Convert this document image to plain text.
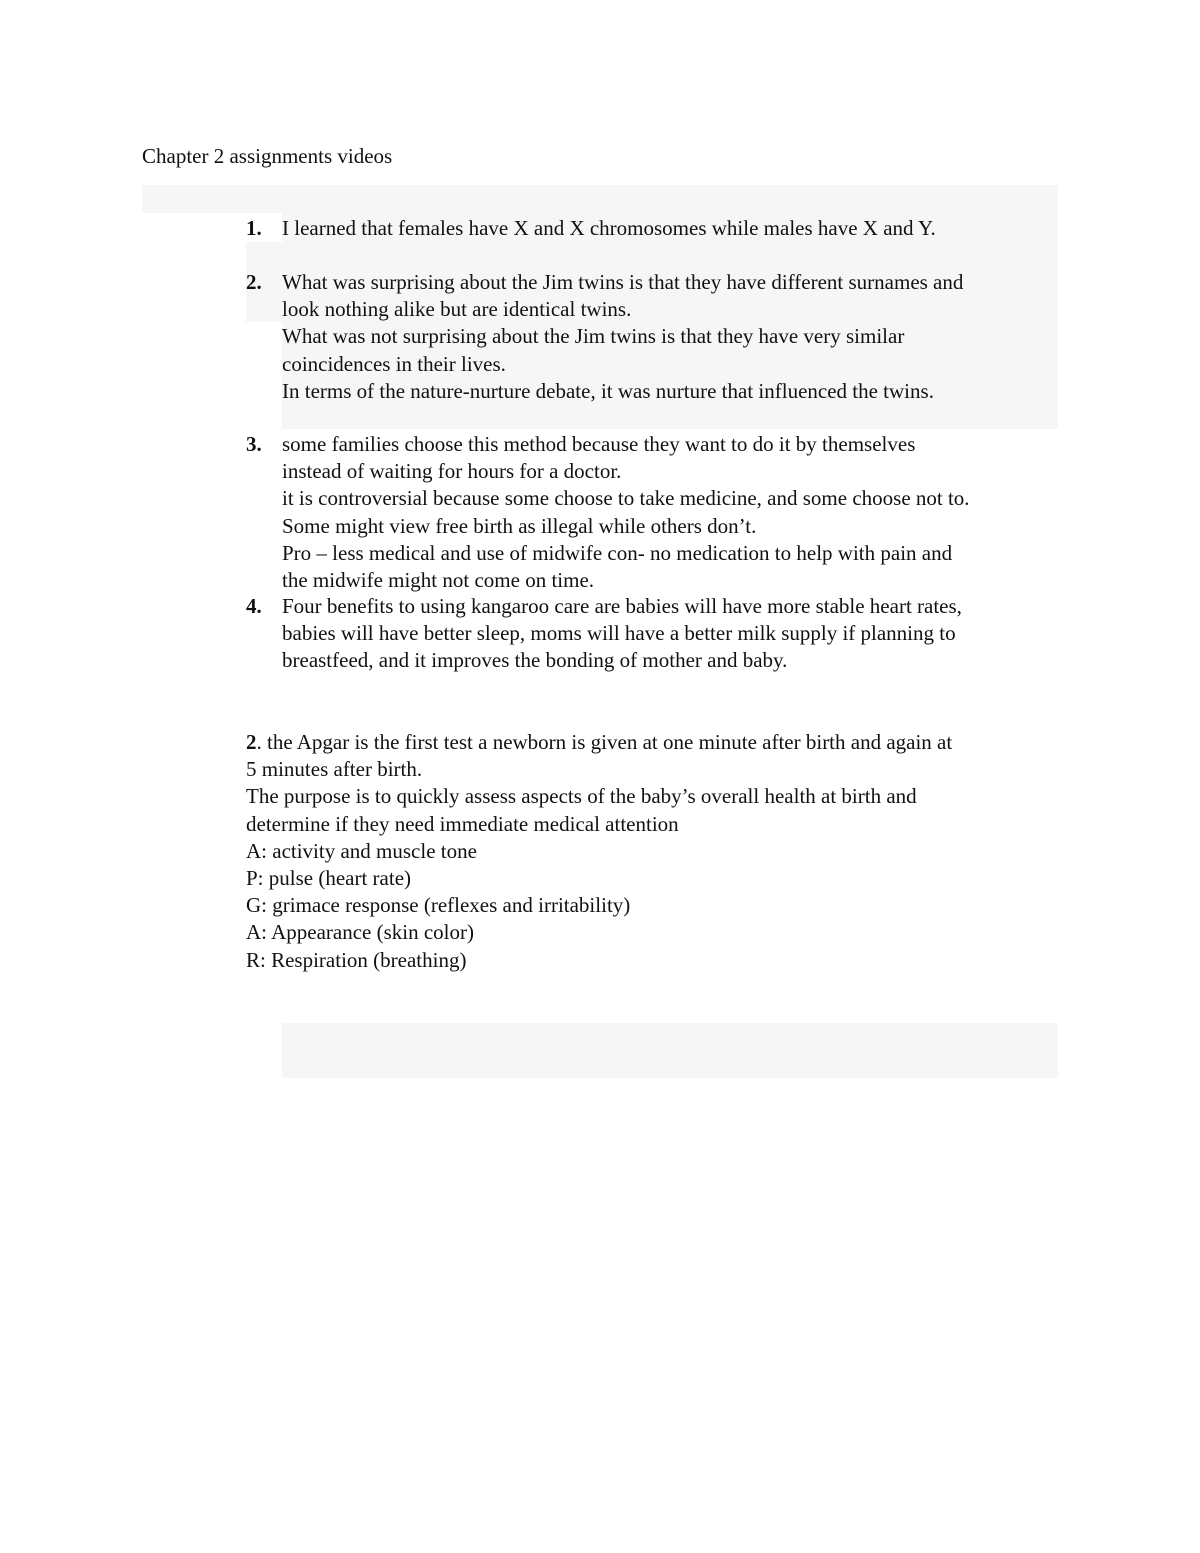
Chapter 2 assignments videos
1. I learned that females have X and X chromosomes while males have X and Y.
2. What was surprising about the Jim twins is that they have different surnames and
look nothing alike but are identical twins.
What was not surprising about the Jim twins is that they have very similar
coincidences in their lives.
In terms of the nature-nurture debate, it was nurture that influenced the twins.
3. some families choose this method because they want to do it by themselves
instead of waiting for hours for a doctor.
it is controversial because some choose to take medicine, and some choose not to.
Some might view free birth as illegal while others don’t.
Pro – less medical and use of midwife con- no medication to help with pain and
the midwife might not come on time.
4. Four benefits to using kangaroo care are babies will have more stable heart rates,
babies will have better sleep, moms will have a better milk supply if planning to
breastfeed, and it improves the bonding of mother and baby.
2. the Apgar is the first test a newborn is given at one minute after birth and again at
5 minutes after birth.
The purpose is to quickly assess aspects of the baby’s overall health at birth and
determine if they need immediate medical attention
A: activity and muscle tone
P: pulse (heart rate)
G: grimace response (reflexes and irritability)
A: Appearance (skin color)
R: Respiration (breathing)
